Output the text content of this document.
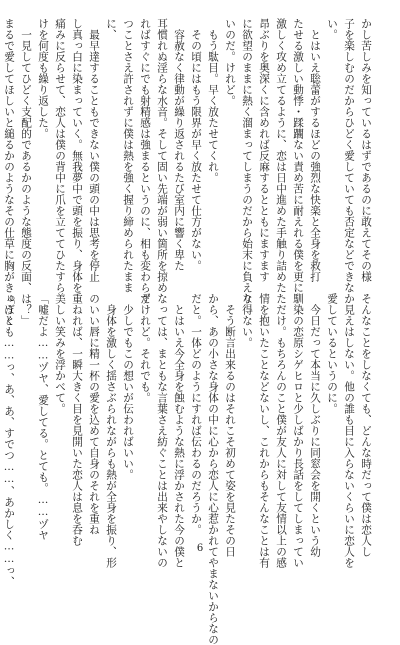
かし苦しみを知っているはずであるのに敢えてその様
子を楽しむのだからひどく愛していても否定などできな
い。
　とはいえ聡蕾がするほどの強烈な快楽と全身を救打
たせる激しい動悸・蹂躙ない責め苦に耐えれる僕を更に
激しく攻め立てるように、恋は日中進めた手触り詰めた
昂ぶりを奥深くに含めれば反麻するとともにますます
に欲望のままに熱く溜まってしまうのだから始末に負えな
いのだ。けれど。
　もう駄目。早く放たせてくれ。
　その頃にはもう限界が早く放たせて仕方がない。
　容赦なく律動が繰り返されるたび室内に響く卑た
耳慣れぬ淫らな水音。そして固い先端が弱い箇所を掠め
ればすぐにでも射精感は強まるというのに、相も変わらず
つことさえ許されずに僕は熱を強く握り締められたまま
に、
　最早達することもできない僕の頭の中は思考を停止
し真っ白に染まっていく。無我夢中で頭を振り、身体を
痛みに反らせて、恋人は僕の背中に爪を立ててひたすら
けを何度も繰り返した。
　一見してひどく支配的であるかのような態度の反面、
まるで愛してほしいと縋るかのようなその仕草に胸がきゅうと
そんなことをしなくても、どんな時だって僕は恋人し
か見えはしない。他の誰も目に入らないくらいに恋人を
愛しているというのに。
　今日だって本当に久しぶりに同窓会を開くという幼
馴染の恋原シゲヒロと少しばかり長話をしてしまってい
ただけ。もちろんのこと僕が友人に対して友情以上の感
情を抱いたことなどないし、これからもそんなことは有
り得ない。
　そう断言出来るのはそれこそ初めて姿を見たその日
から、あの小さな身体の中に心から恋人に心惹かれてやまないからなの
だと。一体どのようにすれば伝わるのだろうか。
　とはいえ今全身を蝕むような熱に浮かされた今の僕と
なっては、まともな言葉さえ紡ぐことは出来やしないの
だけれど。それでも。
　少しでもこの想いが伝わればいい。
　身体を激しく揺さぶられながらも熱が全身を振り、形
のいい唇に精一杯の愛を込めて自身のそれを重ね
重ねれば、一瞬大きく目を見開いた恋人は息を呑む
美しい笑みを浮かべて。
「嘘だよ……ヅヤ、愛してる。とても。……ヅヤ
は？」
「ぼくも……っ、あ、あ、すでつ……、あかしく……っ、	6
